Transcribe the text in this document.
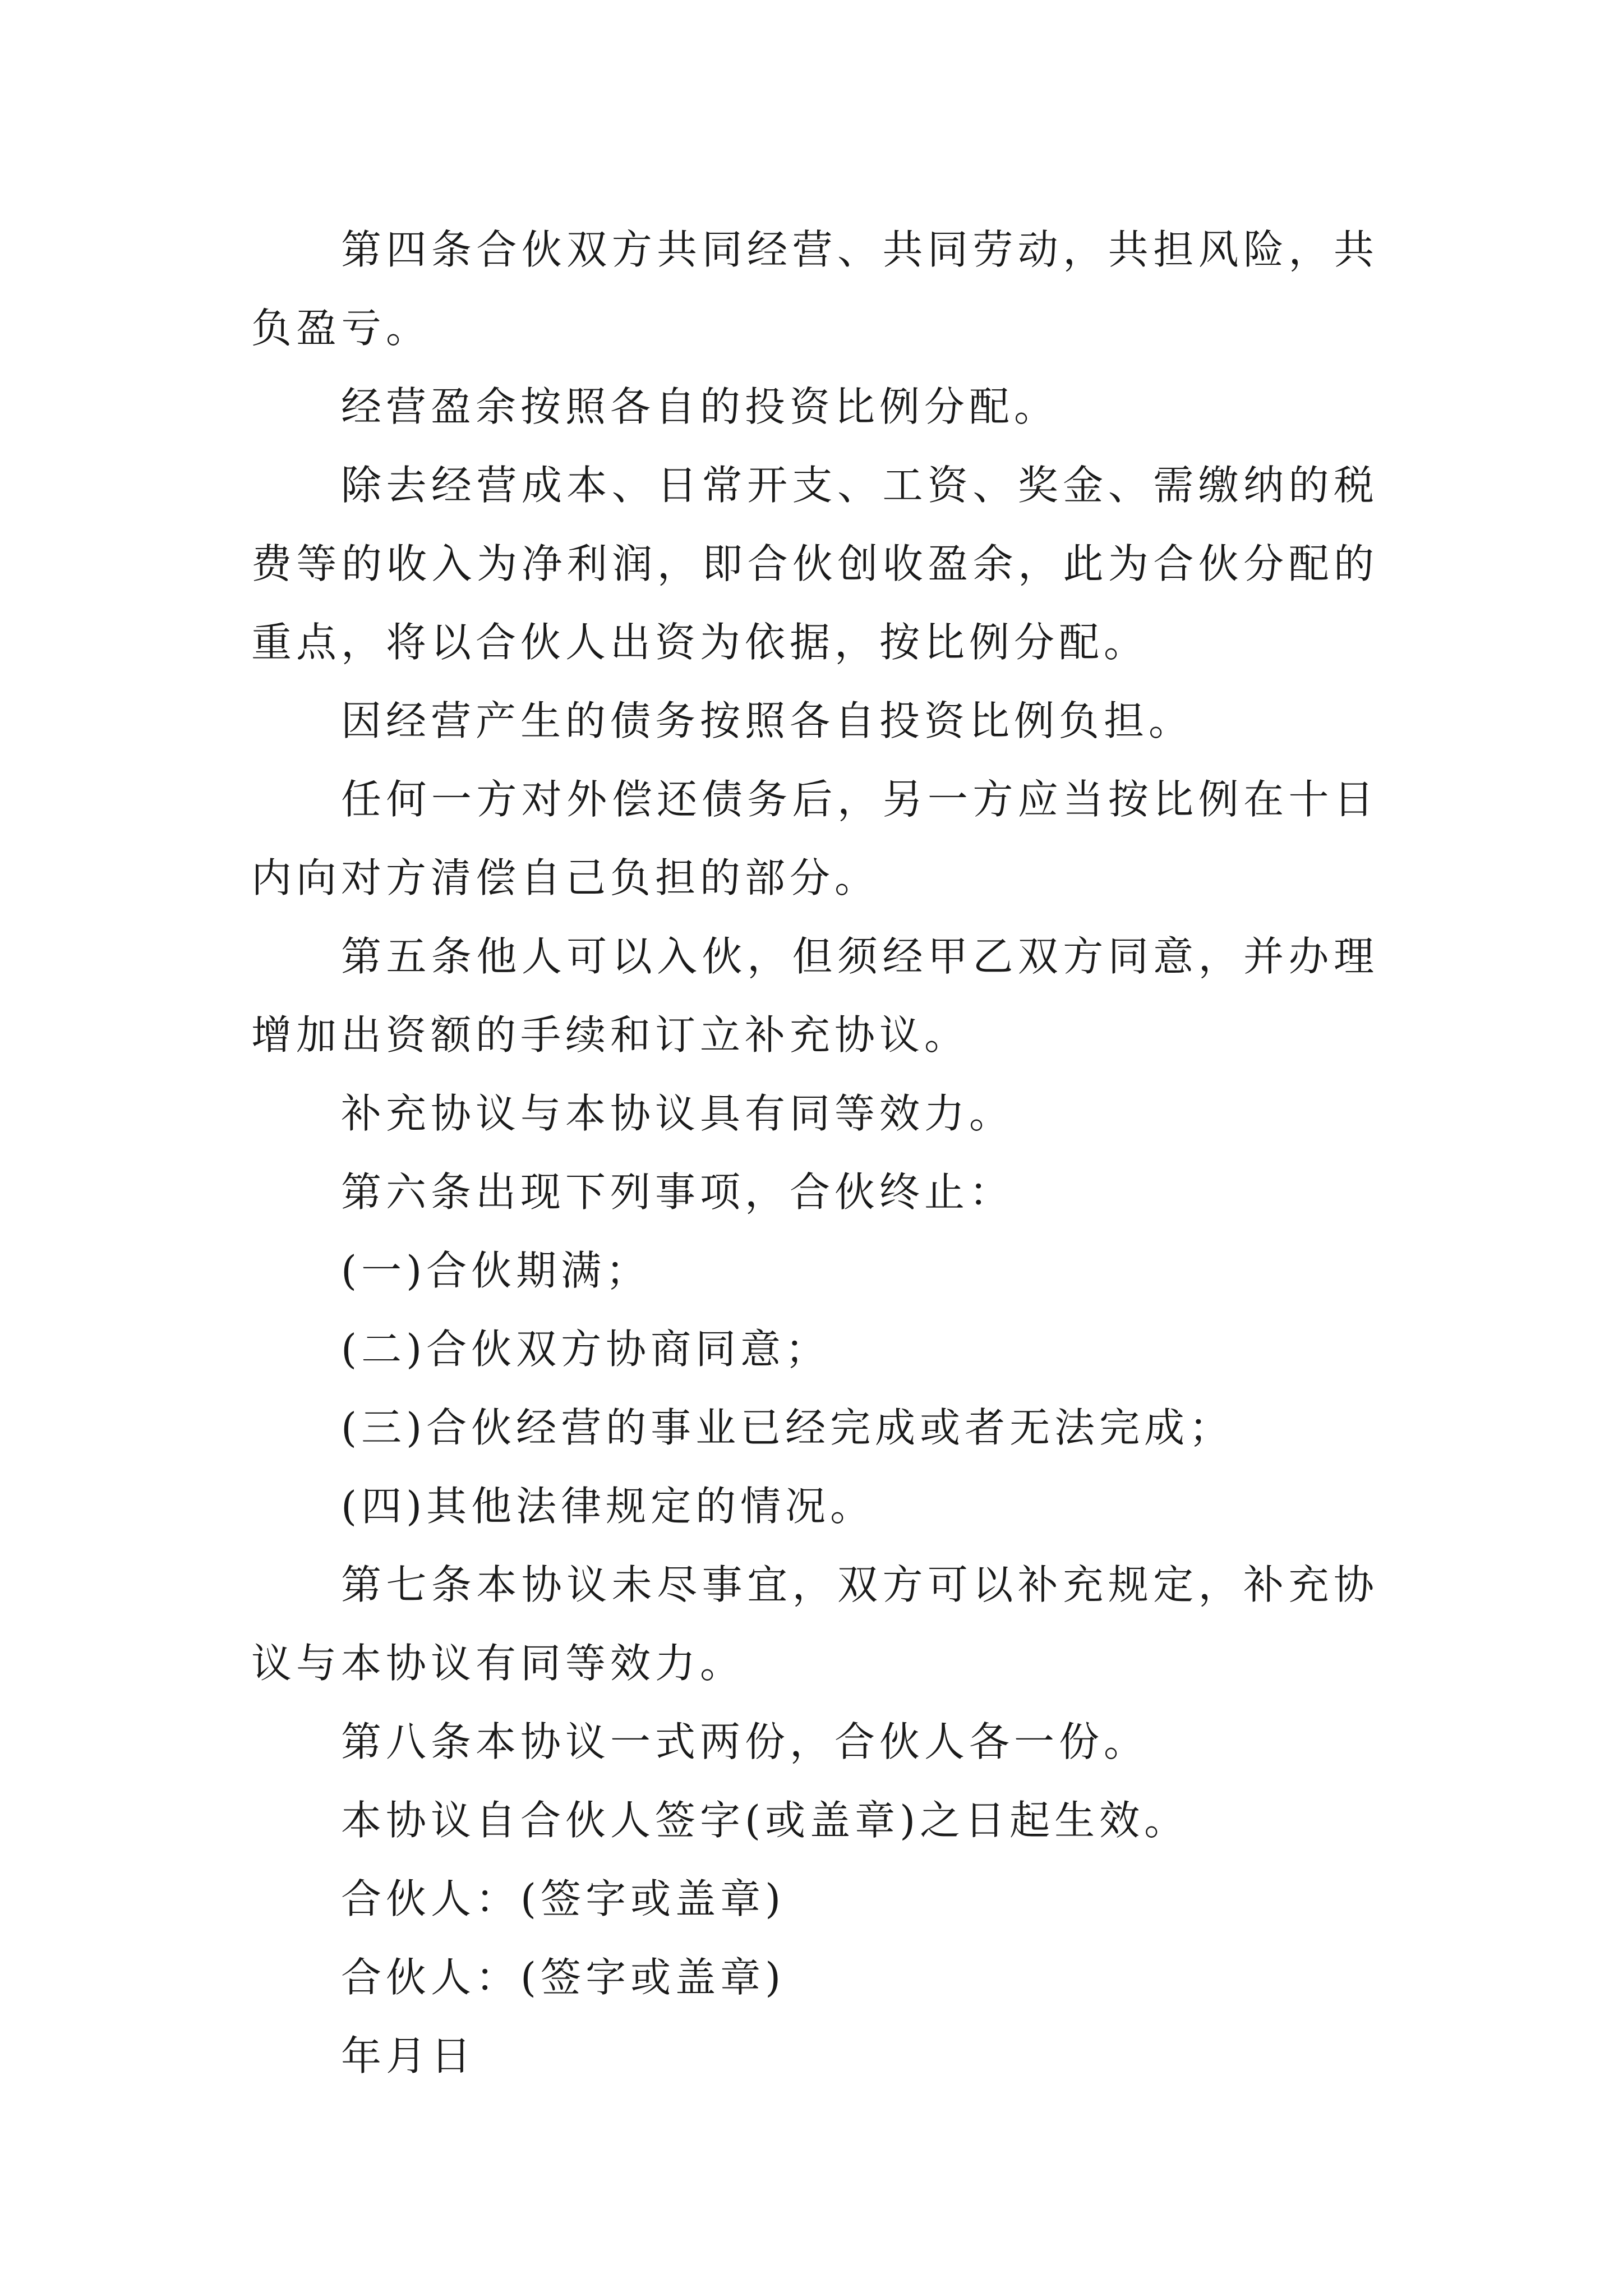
第四条合伙双方共同经营、共同劳动，共担风险，共负盈亏。

经营盈余按照各自的投资比例分配。

除去经营成本、日常开支、工资、奖金、需缴纳的税费等的收入为净利润，即合伙创收盈余，此为合伙分配的重点，将以合伙人出资为依据，按比例分配。

因经营产生的债务按照各自投资比例负担。

任何一方对外偿还债务后，另一方应当按比例在十日内向对方清偿自己负担的部分。

第五条他人可以入伙，但须经甲乙双方同意，并办理增加出资额的手续和订立补充协议。

补充协议与本协议具有同等效力。

第六条出现下列事项，合伙终止：

(一)合伙期满；

(二)合伙双方协商同意；

(三)合伙经营的事业已经完成或者无法完成；

(四)其他法律规定的情况。

第七条本协议未尽事宜，双方可以补充规定，补充协议与本协议有同等效力。

第八条本协议一式两份，合伙人各一份。

本协议自合伙人签字(或盖章)之日起生效。

合伙人：(签字或盖章)

合伙人：(签字或盖章)

年月日
